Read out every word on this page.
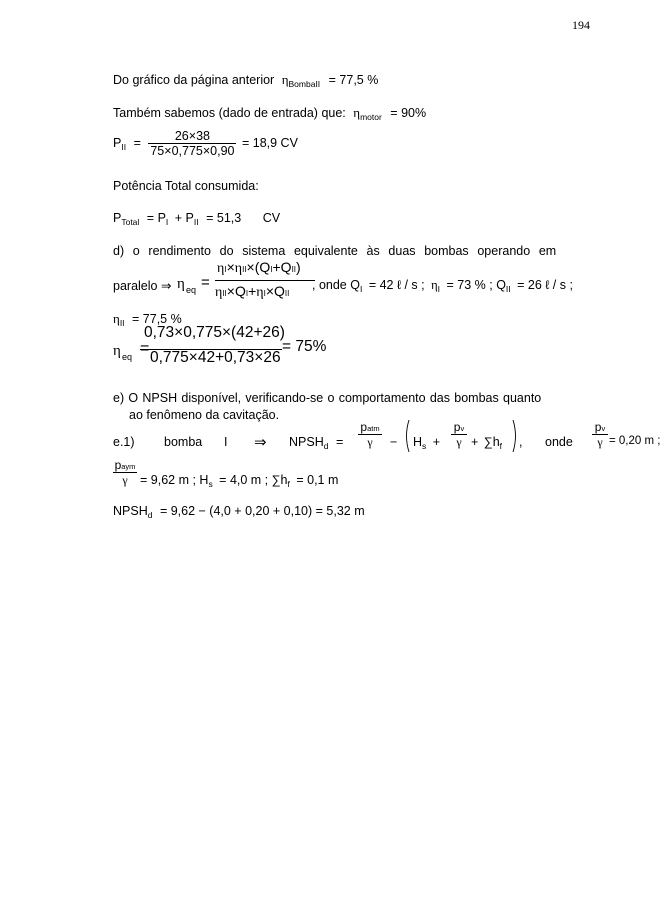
194
Do gráfico da página anterior $\eta_{BombaII} = 77,5$ %
Também sabemos (dado de entrada) que: $\eta_{motor} = 90\%$
$P_{II} = \frac{26\times 38}{75\times 0,775\times 0,90} = 18,9$ CV
Potência Total consumida:
$P_{Total} = P_I + P_{II} = 51,3$ CV
d) o rendimento do sistema equivalente às duas bombas operando em
paralelo ⇒ η eq =
ηI×ηII×(QI+QII)
ηII×QI+ηI×QII
, onde $Q_I = 42$ ℓ / s ; $\eta_I = 73$ % ; $Q_{II} = 26$ ℓ / s ;
$\eta_{II} = 77,5$ %
η eq =
0,73×0,775×(42+26)
0,775×42+0,73×26
= 75%
e) O NPSH disponível, verificando-se o comportamento das bombas quanto
ao fenômeno da cavitação.
e.1) bomba I ⇒ $NPSH_d$ =
patm
γ	− $H_s$ +
pv
$\gamma + \sum h_f$ , onde
pv
γ = 0,20 m ;
paym
γ = 9,62 m ; $H_s = 4,0$ m ; $\sum h_f = 0,1$ m
$NPSH_d = 9,62 - (4,0 + 0,20 + 0,10) = 5,32$ m
